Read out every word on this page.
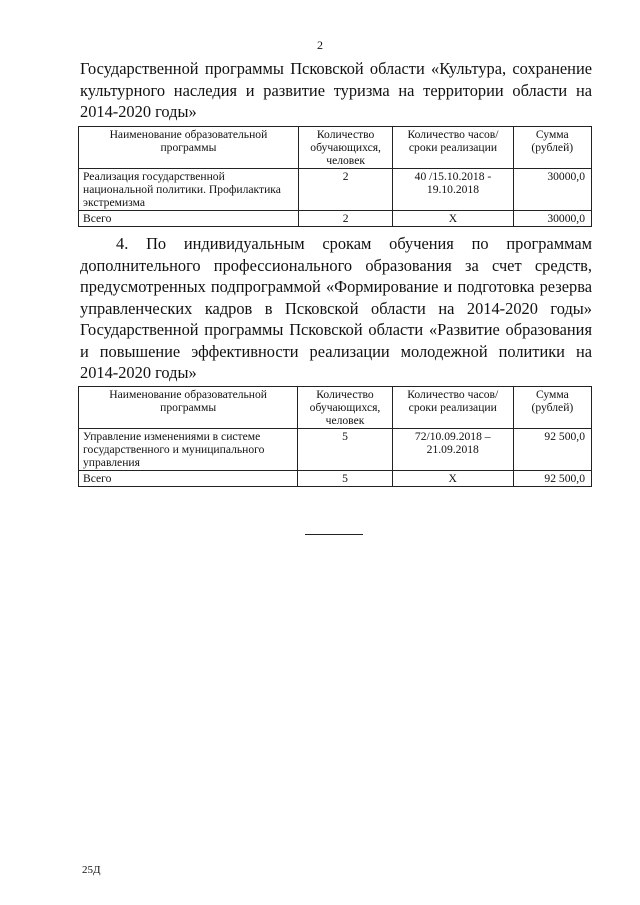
2
Государственной программы Псковской области «Культура, сохранение культурного наследия и развитие туризма на территории области на 2014-2020 годы»
Наименование образовательной программы	Количество обучающихся, человек	Количество часов/ сроки реализации	Сумма (рублей)
Реализация государственной национальной политики. Профилактика экстремизма	2	40 /15.10.2018 - 19.10.2018	30000,0
Всего	2	Х	30000,0
4. По индивидуальным срокам обучения по программам дополнительного профессионального образования за счет средств, предусмотренных подпрограммой «Формирование и подготовка резерва управленческих кадров в Псковской области на 2014-2020 годы» Государственной программы Псковской области «Развитие образования и повышение эффективности реализации молодежной политики на 2014-2020 годы»
Наименование образовательной программы	Количество обучающихся, человек	Количество часов/ сроки реализации	Сумма (рублей)
Управление изменениями в системе государственного и муниципального управления	5	72/10.09.2018 – 21.09.2018	92 500,0
Всего	5	Х	92 500,0
25Д
